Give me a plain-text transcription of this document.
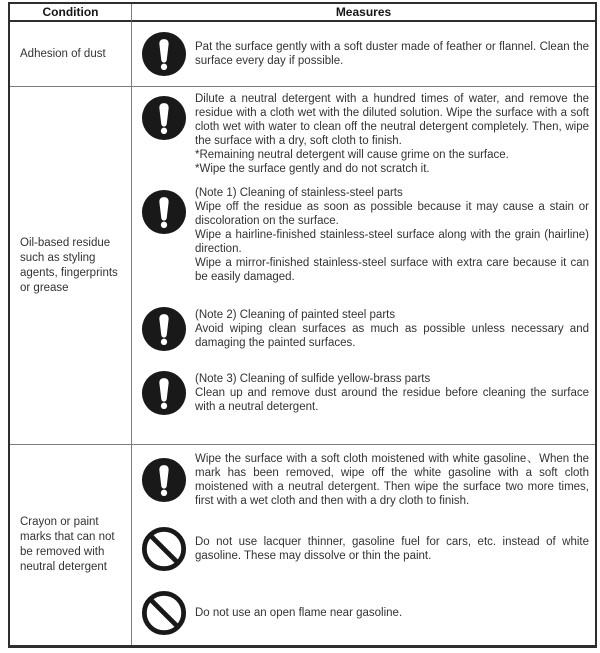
Condition	Measures
Adhesion of dust

Pat the surface gently with a soft duster made of feather or flannel. Clean the surface every day if possible.

Oil-based residue such as styling agents, fingerprints or grease

Dilute a neutral detergent with a hundred times of water, and remove the residue with a cloth wet with the diluted solution. Wipe the surface with a soft cloth wet with water to clean off the neutral detergent completely. Then, wipe the surface with a dry, soft cloth to finish.

*Remaining neutral detergent will cause grime on the surface.

*Wipe the surface gently and do not scratch it.

(Note 1) Cleaning of stainless-steel parts

Wipe off the residue as soon as possible because it may cause a stain or discoloration on the surface.

Wipe a hairline-finished stainless-steel surface along with the grain (hairline) direction.

Wipe a mirror-finished stainless-steel surface with extra care because it can be easily damaged.

(Note 2) Cleaning of painted steel parts

Avoid wiping clean surfaces as much as possible unless necessary and damaging the painted surfaces.

(Note 3) Cleaning of sulfide yellow-brass parts

Clean up and remove dust around the residue before cleaning the surface with a neutral detergent.

Crayon or paint marks that can not be removed with neutral detergent

Wipe the surface with a soft cloth moistened with white gasoline、When the mark has been removed, wipe off the white gasoline with a soft cloth moistened with a neutral detergent. Then wipe the surface two more times, first with a wet cloth and then with a dry cloth to finish.

Do not use lacquer thinner, gasoline fuel for cars, etc. instead of white gasoline. These may dissolve or thin the paint.

Do not use an open flame near gasoline.
